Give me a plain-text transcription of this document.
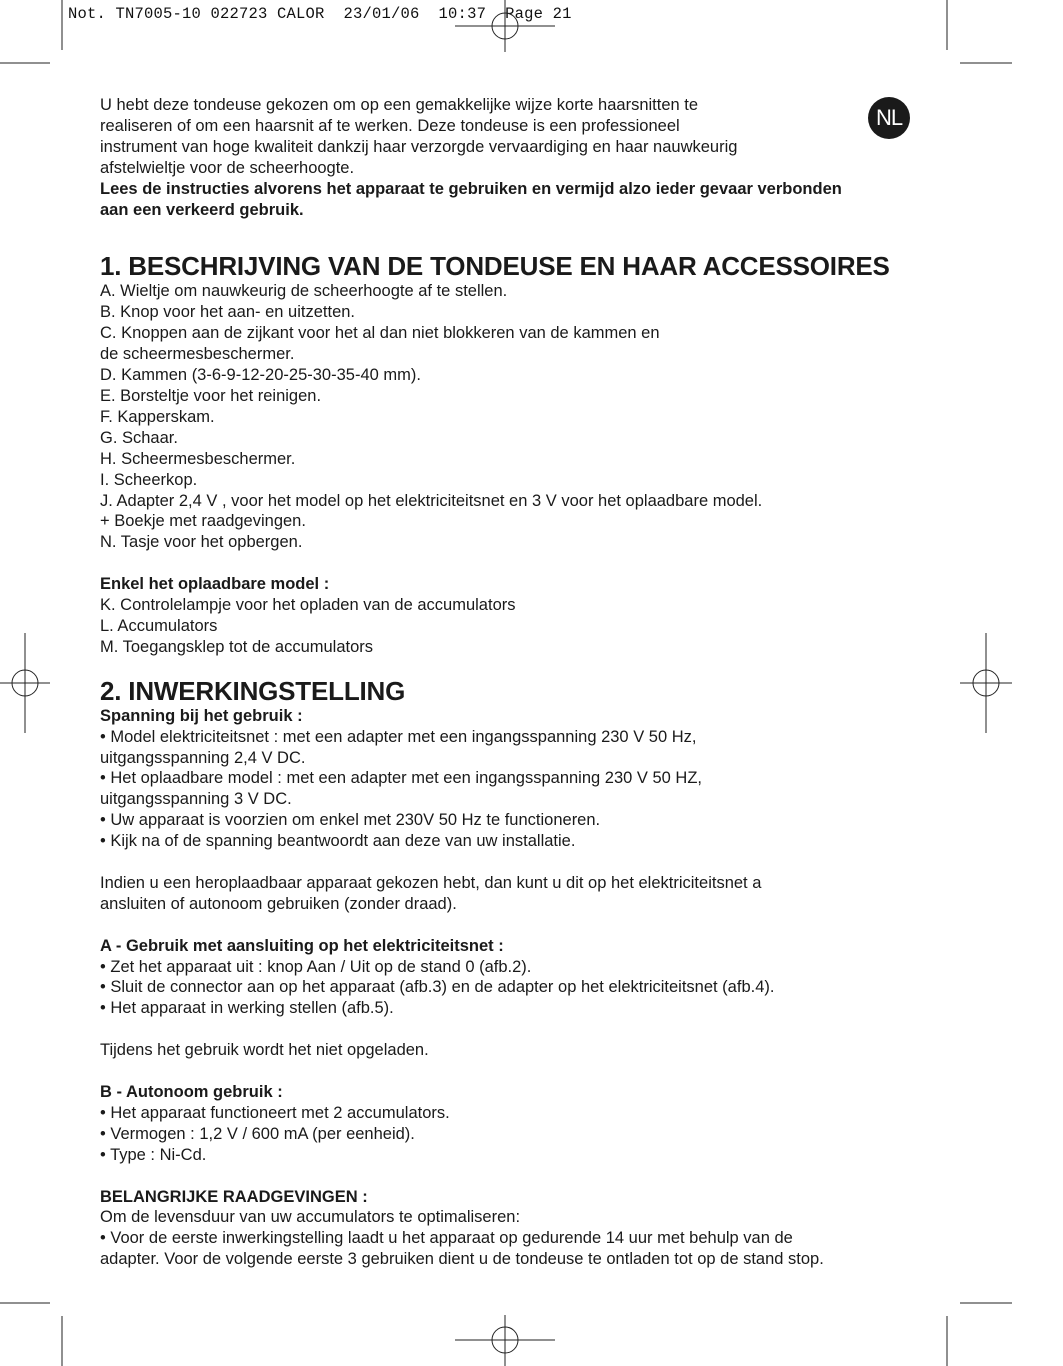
Not. TN7005-10 022723 CALOR  23/01/06  10:37  Page 21
NL

U hebt deze tondeuse gekozen om op een gemakkelijke wijze korte haarsnitten te

realiseren of om een haarsnit af te werken. Deze tondeuse is een professioneel

instrument van hoge kwaliteit dankzij haar verzorgde vervaardiging en haar nauwkeurig

afstelwieltje voor de scheerhoogte.

Lees de instructies alvorens het apparaat te gebruiken en vermijd alzo ieder gevaar verbonden

aan een verkeerd gebruik.

1. BESCHRIJVING VAN DE TONDEUSE EN HAAR ACCESSOIRES

A. Wieltje om nauwkeurig de scheerhoogte af te stellen.

B. Knop voor het aan- en uitzetten.

C. Knoppen aan de zijkant voor het al dan niet blokkeren van de kammen en

de scheermesbeschermer.

D. Kammen (3-6-9-12-20-25-30-35-40 mm).

E. Borsteltje voor het reinigen.

F. Kapperskam.

G. Schaar.

H. Scheermesbeschermer.

I. Scheerkop.

J. Adapter 2,4 V , voor het model op het elektriciteitsnet en 3 V voor het oplaadbare model.

+ Boekje met raadgevingen.

N. Tasje voor het opbergen.

Enkel het oplaadbare model :

K. Controlelampje voor het opladen van de accumulators

L. Accumulators

M. Toegangsklep tot de accumulators

2. INWERKINGSTELLING

Spanning bij het gebruik :

• Model elektriciteitsnet : met een adapter met een ingangsspanning 230 V 50 Hz,

uitgangsspanning 2,4 V DC.

• Het oplaadbare model : met een adapter met een ingangsspanning 230 V 50 HZ,

uitgangsspanning 3 V DC.

• Uw apparaat is voorzien om enkel met 230V 50 Hz te functioneren.

• Kijk na of de spanning beantwoordt aan deze van uw installatie.

Indien u een heroplaadbaar apparaat gekozen hebt, dan kunt u dit op het elektriciteitsnet a

ansluiten of autonoom gebruiken (zonder draad).

A - Gebruik met aansluiting op het elektriciteitsnet :

• Zet het apparaat uit : knop Aan / Uit op de stand 0 (afb.2).

• Sluit de connector aan op het apparaat (afb.3) en de adapter op het elektriciteitsnet (afb.4).

• Het apparaat in werking stellen (afb.5).

Tijdens het gebruik wordt het niet opgeladen.

B - Autonoom gebruik :

• Het apparaat functioneert met 2 accumulators.

• Vermogen : 1,2 V / 600 mA (per eenheid).

• Type : Ni-Cd.

BELANGRIJKE RAADGEVINGEN :

Om de levensduur van uw accumulators te optimaliseren:

• Voor de eerste inwerkingstelling laadt u het apparaat op gedurende 14 uur met behulp van de

adapter. Voor de volgende eerste 3 gebruiken dient u de tondeuse te ontladen tot op de stand stop.
